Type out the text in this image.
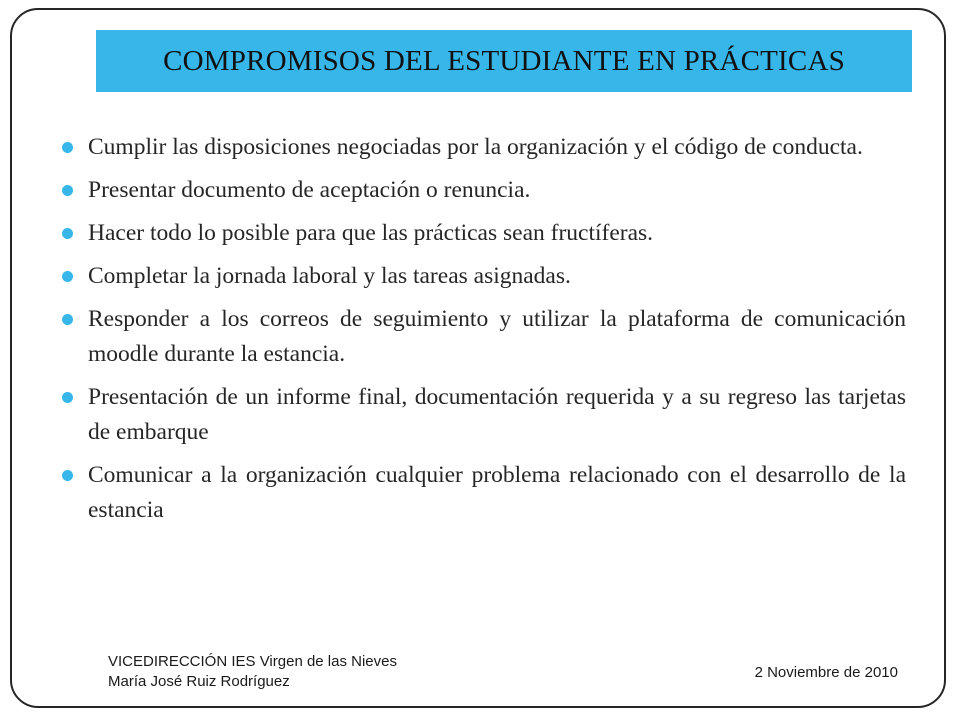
COMPROMISOS DEL ESTUDIANTE EN PRÁCTICAS
Cumplir las disposiciones negociadas por la organización y el código de conducta.
Presentar documento de aceptación o renuncia.
Hacer todo lo posible para que las prácticas sean fructíferas.
Completar la jornada laboral y las tareas asignadas.
Responder a los correos de seguimiento y utilizar la plataforma de comunicación moodle durante la estancia.
Presentación de un informe final, documentación requerida y a su regreso las tarjetas de embarque
Comunicar a la organización cualquier problema relacionado con el desarrollo de la estancia
VICEDIRECCIÓN IES Virgen de las Nieves
María José Ruiz Rodríguez
2 Noviembre de 2010
